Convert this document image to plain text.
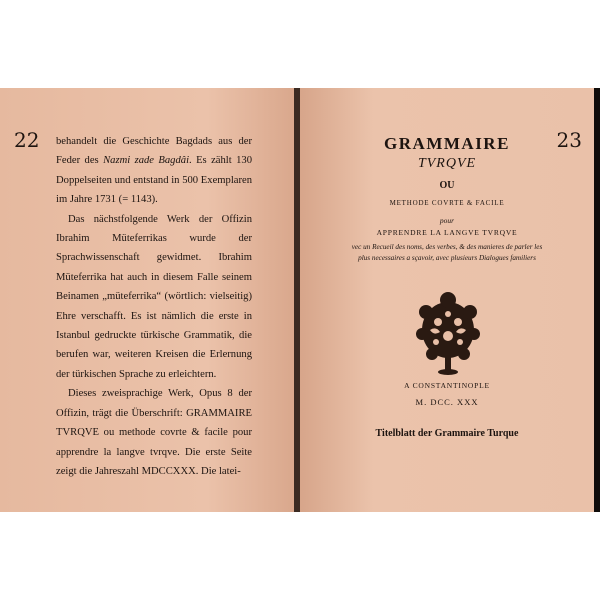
22 behandelt die Geschichte Bagdads aus der Feder des Nazmi zade Bagdâi. Es zählt 130 Doppelseiten und entstand in 500 Exemplaren im Jahre 1731 (= 1143).

Das nächstfolgende Werk der Offizin Ibrahim Müteferrikas wurde der Sprachwissenschaft gewidmet. Ibrahim Müteferrika hat auch in diesem Falle seinem Beinamen „müteferrika“ (wörtlich: vielseitig) Ehre verschafft. Es ist nämlich die erste in Istanbul gedruckte türkische Grammatik, die berufen war, weiteren Kreisen die Erlernung der türkischen Sprache zu erleichtern.

Dieses zweisprachige Werk, Opus 8 der Offizin, trägt die Überschrift: GRAMMAIRE TVRQVE ou methode covrte & facile pour apprendre la langve tvrqve. Die erste Seite zeigt die Jahreszahl MDCCXXX. Die latei-

23
GRAMMAIRE
TVRQVE
OU
METHODE COVRTE & FACILE
pour
APPRENDRE LA LANGVE TVRQVE
vec un Recueil des noms, des verbes, & des manieres de parler les plus necessaires a sçavoir, avec plusieurs Dialogues familiers
A CONSTANTINOPLE
M. DCC. XXX
Titelblatt der Grammaire Turque
